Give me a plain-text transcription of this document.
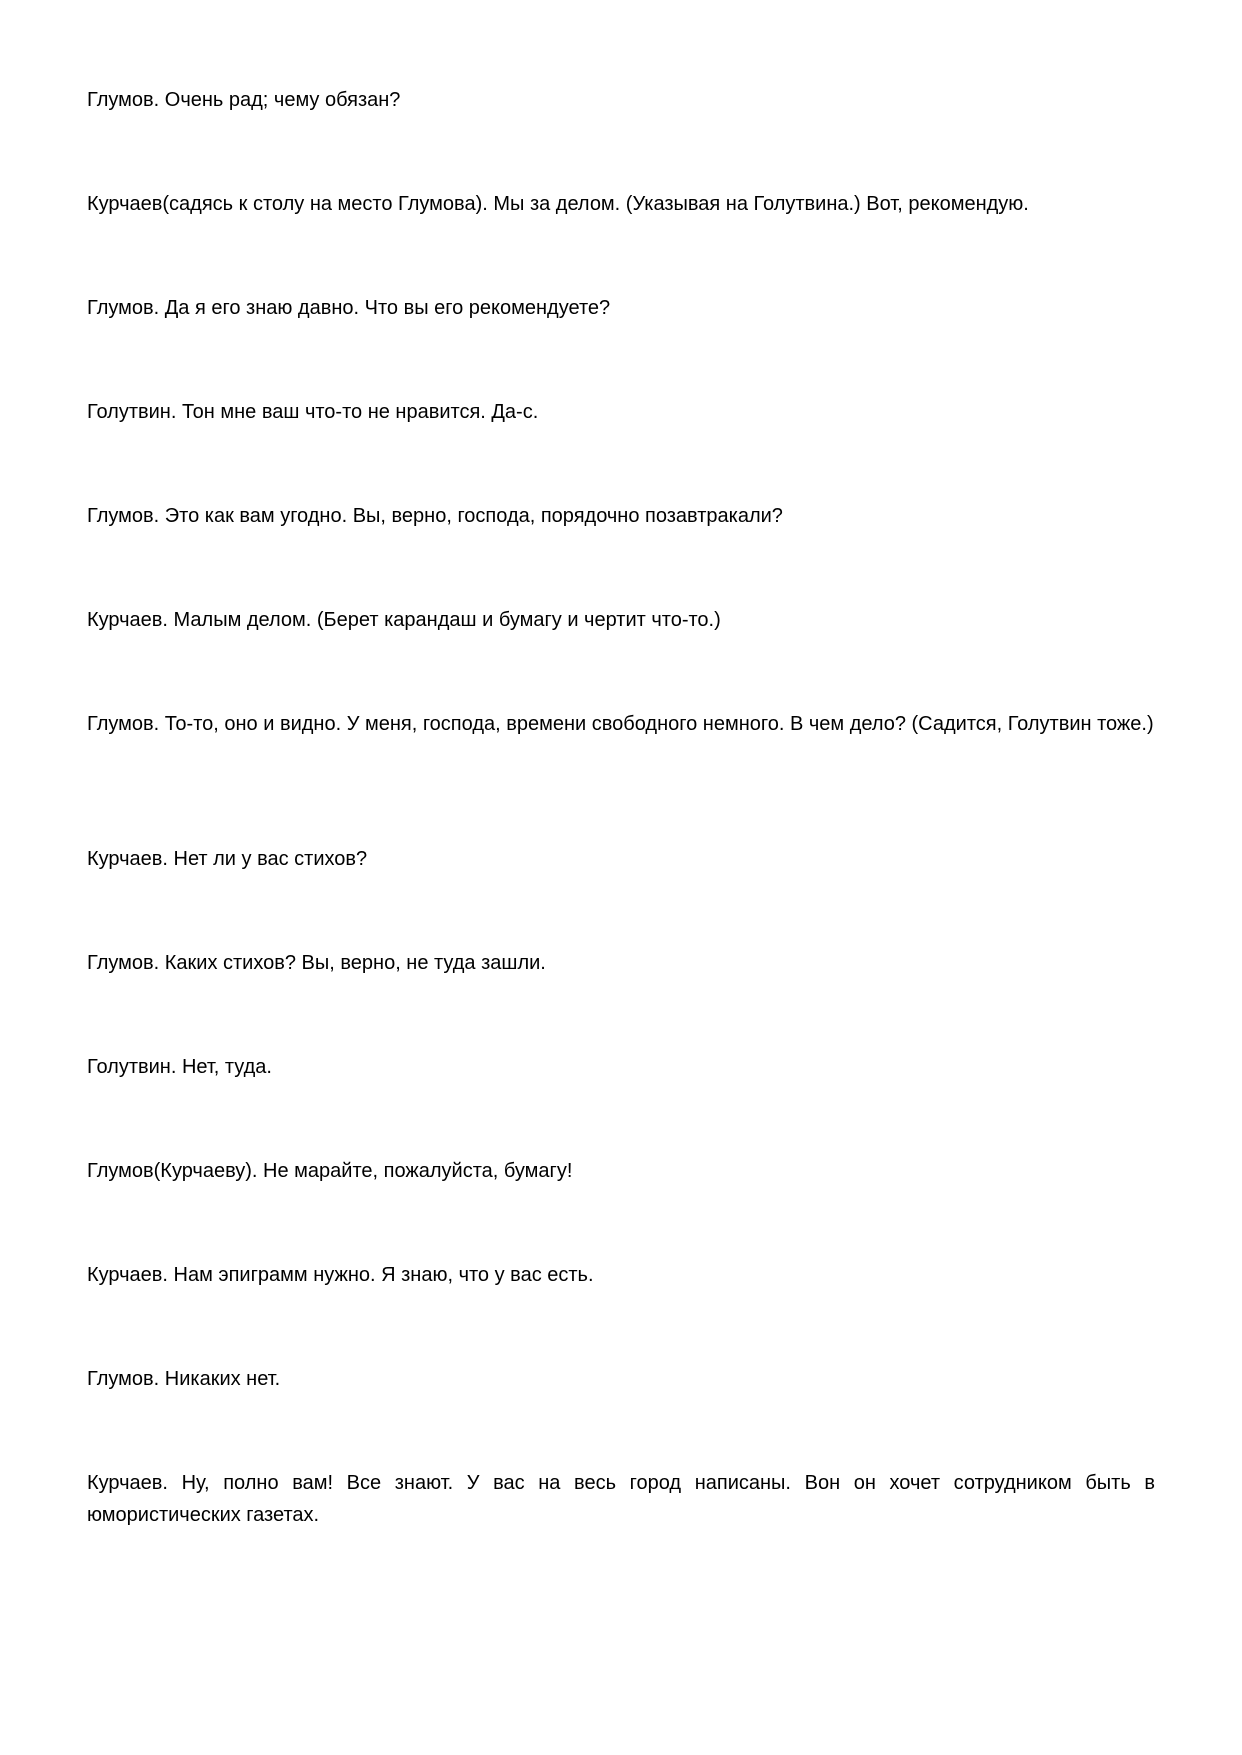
Глумов. Очень рад; чему обязан?

Курчаев(садясь к столу на место Глумова). Мы за делом. (Указывая на Голутвина.) Вот, рекомендую.

Глумов. Да я его знаю давно. Что вы его рекомендуете?

Голутвин. Тон мне ваш что-то не нравится. Да-с.

Глумов. Это как вам угодно. Вы, верно, господа, порядочно позавтракали?

Курчаев. Малым делом. (Берет карандаш и бумагу и чертит что-то.)

Глумов. То-то, оно и видно. У меня, господа, времени свободного немного. В чем дело? (Садится, Голутвин тоже.)

Курчаев. Нет ли у вас стихов?

Глумов. Каких стихов? Вы, верно, не туда зашли.

Голутвин. Нет, туда.

Глумов(Курчаеву). Не марайте, пожалуйста, бумагу!

Курчаев. Нам эпиграмм нужно. Я знаю, что у вас есть.

Глумов. Никаких нет.

Курчаев. Ну, полно вам! Все знают. У вас на весь город написаны. Вон он хочет сотрудником быть в юмористических газетах.
